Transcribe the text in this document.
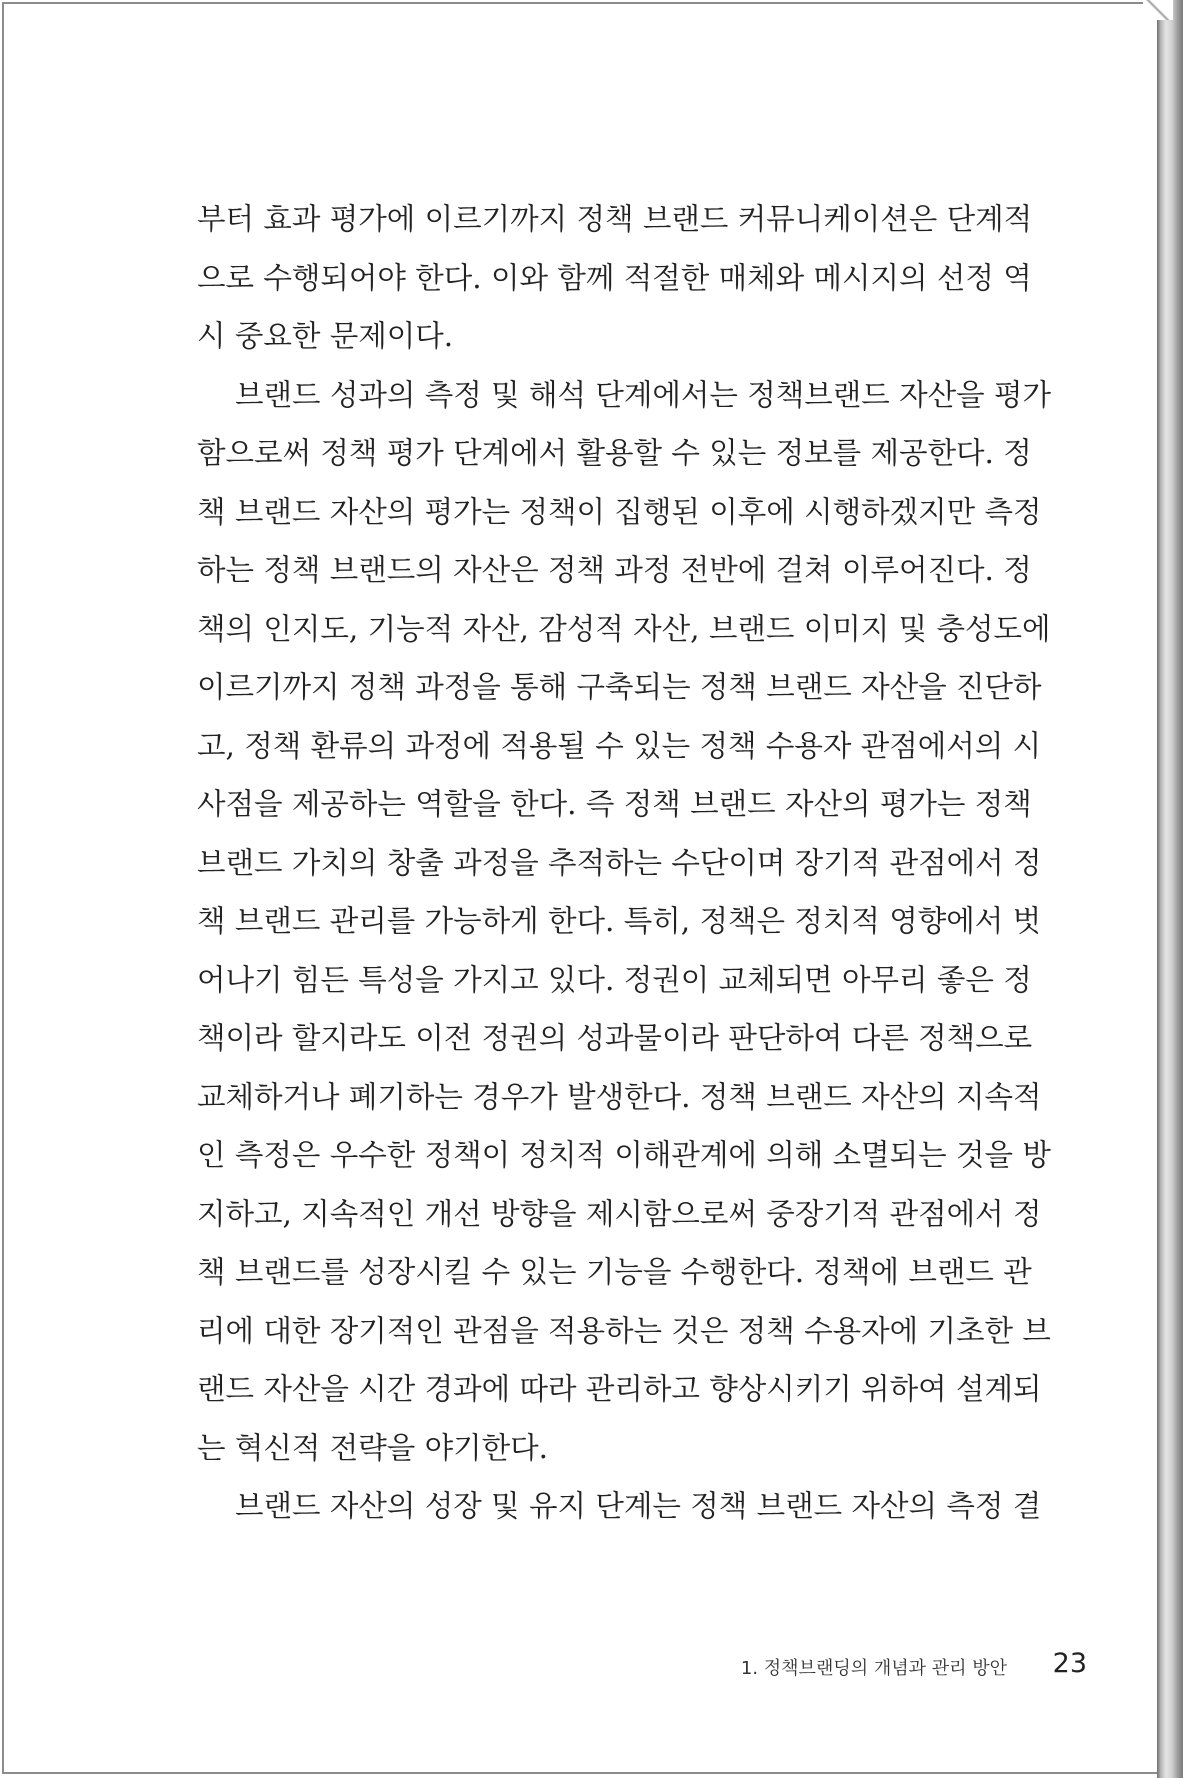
부터 효과 평가에 이르기까지 정책 브랜드 커뮤니케이션은 단계적
으로 수행되어야 한다. 이와 함께 적절한 매체와 메시지의 선정 역
시 중요한 문제이다.
브랜드 성과의 측정 및 해석 단계에서는 정책브랜드 자산을 평가
함으로써 정책 평가 단계에서 활용할 수 있는 정보를 제공한다. 정
책 브랜드 자산의 평가는 정책이 집행된 이후에 시행하겠지만 측정
하는 정책 브랜드의 자산은 정책 과정 전반에 걸쳐 이루어진다. 정
책의 인지도, 기능적 자산, 감성적 자산, 브랜드 이미지 및 충성도에
이르기까지 정책 과정을 통해 구축되는 정책 브랜드 자산을 진단하
고, 정책 환류의 과정에 적용될 수 있는 정책 수용자 관점에서의 시
사점을 제공하는 역할을 한다. 즉 정책 브랜드 자산의 평가는 정책
브랜드 가치의 창출 과정을 추적하는 수단이며 장기적 관점에서 정
책 브랜드 관리를 가능하게 한다. 특히, 정책은 정치적 영향에서 벗
어나기 힘든 특성을 가지고 있다. 정권이 교체되면 아무리 좋은 정
책이라 할지라도 이전 정권의 성과물이라 판단하여 다른 정책으로
교체하거나 폐기하는 경우가 발생한다. 정책 브랜드 자산의 지속적
인 측정은 우수한 정책이 정치적 이해관계에 의해 소멸되는 것을 방
지하고, 지속적인 개선 방향을 제시함으로써 중장기적 관점에서 정
책 브랜드를 성장시킬 수 있는 기능을 수행한다. 정책에 브랜드 관
리에 대한 장기적인 관점을 적용하는 것은 정책 수용자에 기초한 브
랜드 자산을 시간 경과에 따라 관리하고 향상시키기 위하여 설계되
는 혁신적 전략을 야기한다.
브랜드 자산의 성장 및 유지 단계는 정책 브랜드 자산의 측정 결
1. 정책브랜딩의 개념과 관리 방안 23
